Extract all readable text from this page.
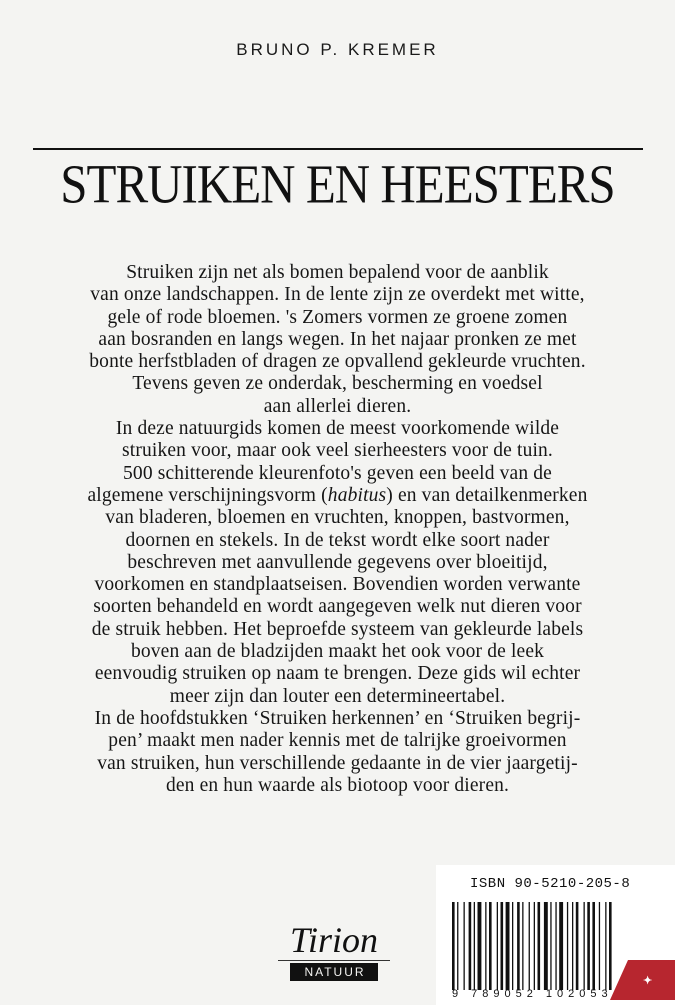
BRUNO P. KREMER
STRUIKEN EN HEESTERS
Struiken zijn net als bomen bepalend voor de aanblik
van onze landschappen. In de lente zijn ze overdekt met witte,
gele of rode bloemen. 's Zomers vormen ze groene zomen
aan bosranden en langs wegen. In het najaar pronken ze met
bonte herfstbladen of dragen ze opvallend gekleurde vruchten.
Tevens geven ze onderdak, bescherming en voedsel
aan allerlei dieren.
In deze natuurgids komen de meest voorkomende wilde
struiken voor, maar ook veel sierheesters voor de tuin.
500 schitterende kleurenfoto's geven een beeld van de
algemene verschijningsvorm (habitus) en van detailkenmerken
van bladeren, bloemen en vruchten, knoppen, bastvormen,
doornen en stekels. In de tekst wordt elke soort nader
beschreven met aanvullende gegevens over bloeitijd,
voorkomen en standplaatseisen. Bovendien worden verwante
soorten behandeld en wordt aangegeven welk nut dieren voor
de struik hebben. Het beproefde systeem van gekleurde labels
boven aan de bladzijden maakt het ook voor de leek
eenvoudig struiken op naam te brengen. Deze gids wil echter
meer zijn dan louter een determineertabel.
In de hoofdstukken ‘Struiken herkennen’ en ‘Struiken begrij-
pen’ maakt men nader kennis met de talrijke groeivormen
van struiken, hun verschillende gedaante in de vier jaargetij-
den en hun waarde als biotoop voor dieren.
ISBN 90-5210-205-8
9 789052 102053
Tirion
NATUUR
✦
